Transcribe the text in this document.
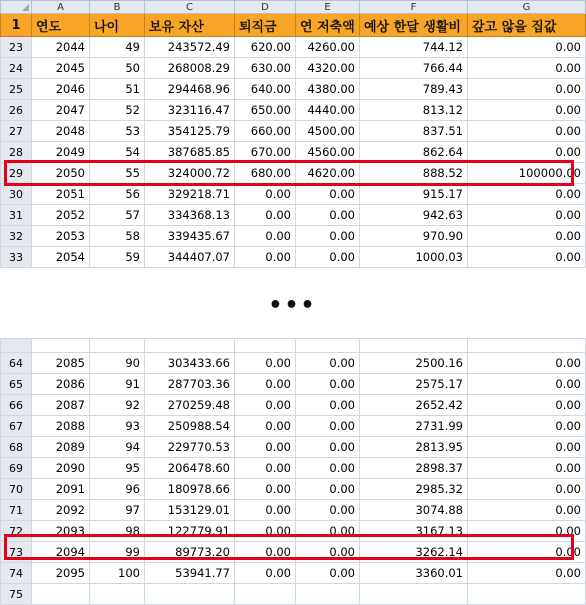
	A	B	C	D	E	F	G
1	연도	나이	보유 자산	퇴직금	연 저축액	예상 한달 생활비	갚고 않을 집값
23	2044	49	243572.49	620.00	4260.00	744.12	0.00
24	2045	50	268008.29	630.00	4320.00	766.44	0.00
25	2046	51	294468.96	640.00	4380.00	789.43	0.00
26	2047	52	323116.47	650.00	4440.00	813.12	0.00
27	2048	53	354125.79	660.00	4500.00	837.51	0.00
28	2049	54	387685.85	670.00	4560.00	862.64	0.00
29	2050	55	324000.72	680.00	4620.00	888.52	100000.00
30	2051	56	329218.71	0.00	0.00	915.17	0.00
31	2052	57	334368.13	0.00	0.00	942.63	0.00
32	2053	58	339435.67	0.00	0.00	970.90	0.00
33	2054	59	344407.07	0.00	0.00	1000.03	0.00
•••

64	2085	90	303433.66	0.00	0.00	2500.16	0.00
65	2086	91	287703.36	0.00	0.00	2575.17	0.00
66	2087	92	270259.48	0.00	0.00	2652.42	0.00
67	2088	93	250988.54	0.00	0.00	2731.99	0.00
68	2089	94	229770.53	0.00	0.00	2813.95	0.00
69	2090	95	206478.60	0.00	0.00	2898.37	0.00
70	2091	96	180978.66	0.00	0.00	2985.32	0.00
71	2092	97	153129.01	0.00	0.00	3074.88	0.00
72	2093	98	122779.91	0.00	0.00	3167.13	0.00
73	2094	99	89773.20	0.00	0.00	3262.14	0.00
74	2095	100	53941.77	0.00	0.00	3360.01	0.00
75							
